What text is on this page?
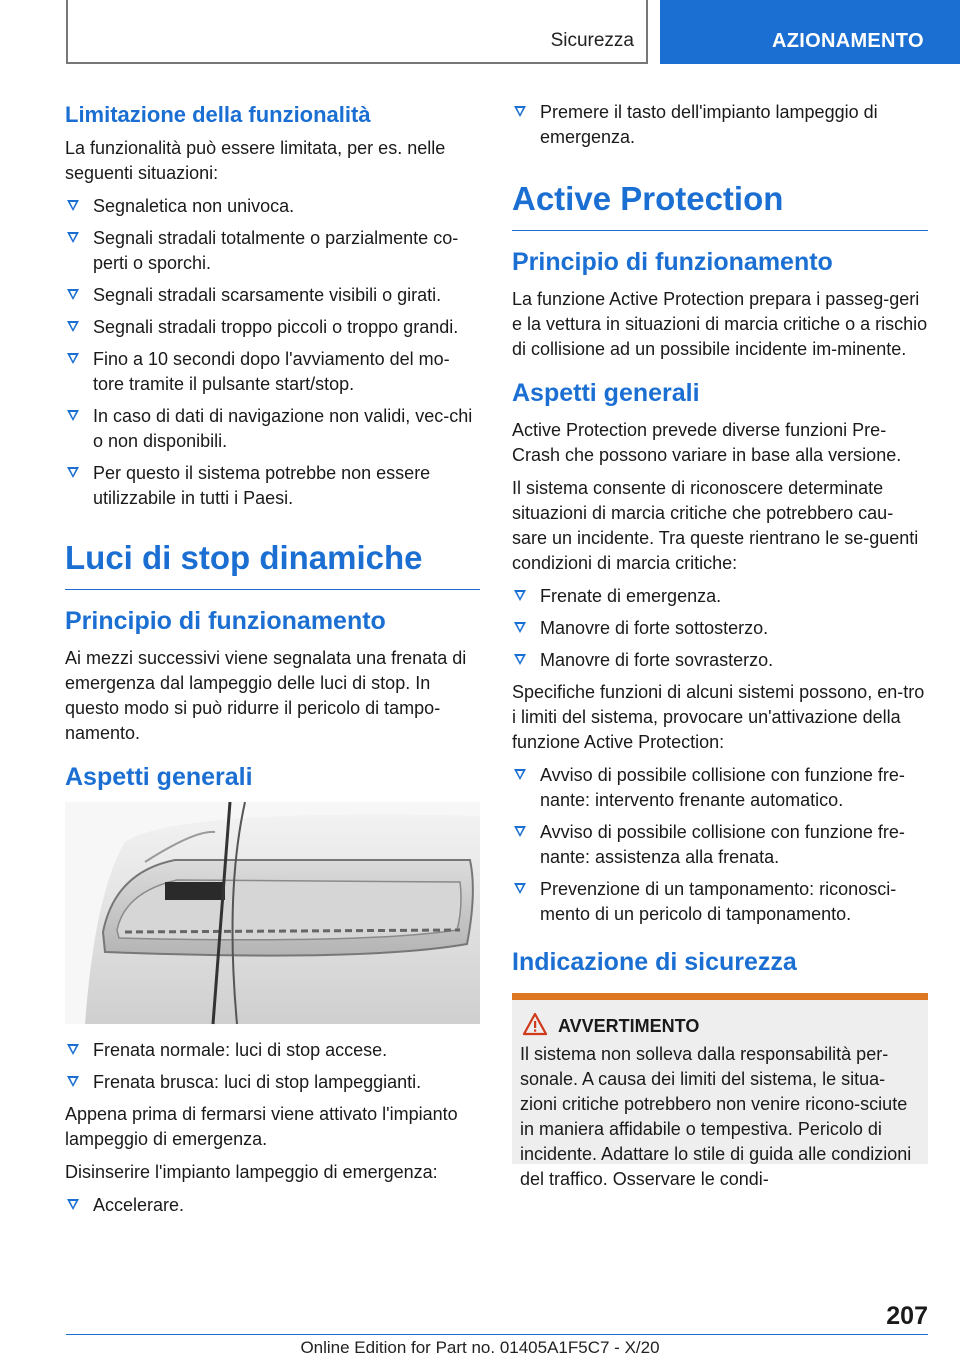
Sicurezza	AZIONAMENTO
Limitazione della funzionalità

La funzionalità può essere limitata, per es. nelle seguenti situazioni:

Segnaletica non univoca.
Segnali stradali totalmente o parzialmente co-perti o sporchi.
Segnali stradali scarsamente visibili o girati.
Segnali stradali troppo piccoli o troppo grandi.
Fino a 10 secondi dopo l'avviamento del mo-tore tramite il pulsante start/stop.
In caso di dati di navigazione non validi, vec-chi o non disponibili.
Per questo il sistema potrebbe non essere utilizzabile in tutti i Paesi.
Luci di stop dinamiche
Principio di funzionamento

Ai mezzi successivi viene segnalata una frenata di emergenza dal lampeggio delle luci di stop. In questo modo si può ridurre il pericolo di tampo-namento.

Aspetti generali
Frenata normale: luci di stop accese.
Frenata brusca: luci di stop lampeggianti.

Appena prima di fermarsi viene attivato l'impianto lampeggio di emergenza.

Disinserire l'impianto lampeggio di emergenza:

Accelerare.
Premere il tasto dell'impianto lampeggio di emergenza.
Active Protection
Principio di funzionamento

La funzione Active Protection prepara i passeg-geri e la vettura in situazioni di marcia critiche o a rischio di collisione ad un possibile incidente im-minente.

Aspetti generali

Active Protection prevede diverse funzioni Pre-Crash che possono variare in base alla versione.

Il sistema consente di riconoscere determinate situazioni di marcia critiche che potrebbero cau-sare un incidente. Tra queste rientrano le se-guenti condizioni di marcia critiche:

Frenate di emergenza.
Manovre di forte sottosterzo.
Manovre di forte sovrasterzo.

Specifiche funzioni di alcuni sistemi possono, en-tro i limiti del sistema, provocare un'attivazione della funzione Active Protection:

Avviso di possibile collisione con funzione fre-nante: intervento frenante automatico.
Avviso di possibile collisione con funzione fre-nante: assistenza alla frenata.
Prevenzione di un tamponamento: riconosci-mento di un pericolo di tamponamento.
Indicazione di sicurezza
AVVERTIMENTO

Il sistema non solleva dalla responsabilità per-sonale. A causa dei limiti del sistema, le situa-zioni critiche potrebbero non venire ricono-sciute in maniera affidabile o tempestiva. Pericolo di incidente. Adattare lo stile di guida alle condizioni del traffico. Osservare le condi-

207
Online Edition for Part no. 01405A1F5C7 - X/20
